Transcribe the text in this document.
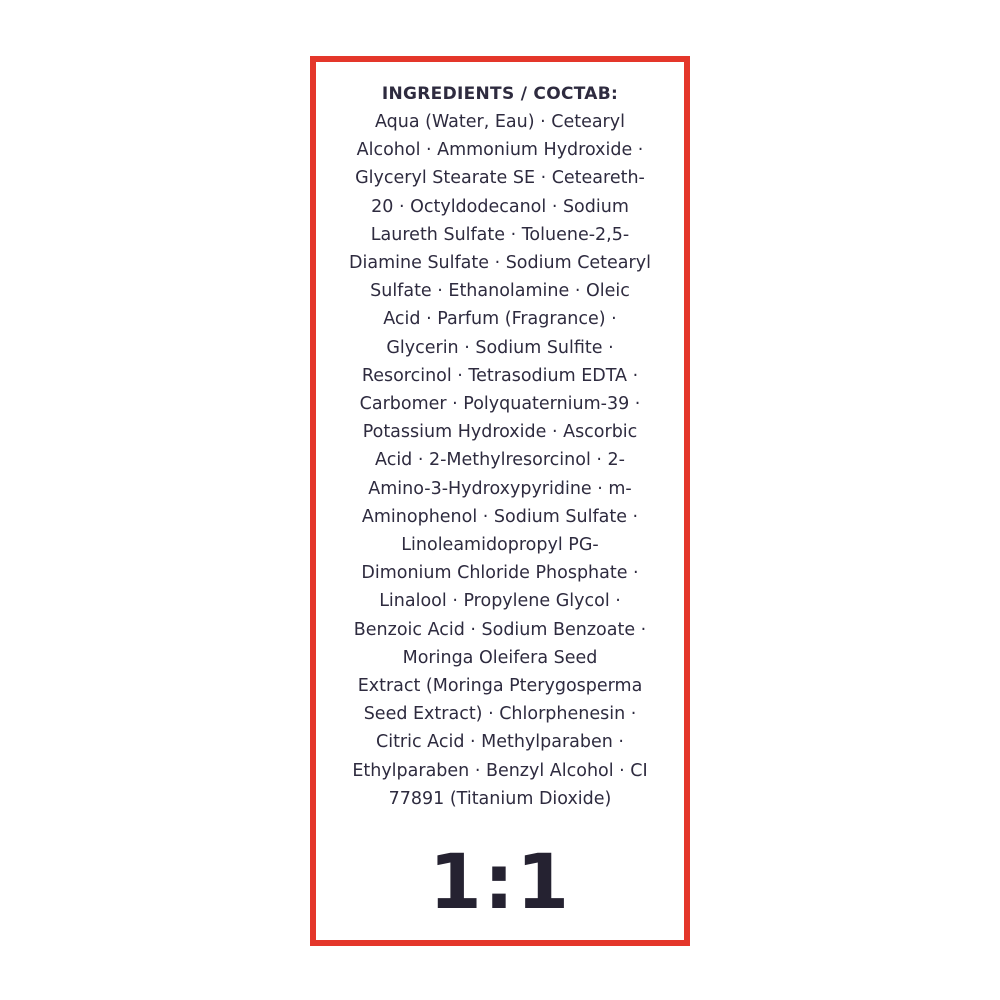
INGREDIENTS / COCTAB:

Aqua (Water, Eau) · Cetearyl
Alcohol · Ammonium Hydroxide ·
Glyceryl Stearate SE · Ceteareth-
20 · Octyldodecanol · Sodium
Laureth Sulfate · Toluene-2,5-
Diamine Sulfate · Sodium Cetearyl
Sulfate · Ethanolamine · Oleic
Acid · Parfum (Fragrance) ·
Glycerin · Sodium Sulfite ·
Resorcinol · Tetrasodium EDTA ·
Carbomer · Polyquaternium-39 ·
Potassium Hydroxide · Ascorbic
Acid · 2-Methylresorcinol · 2-
Amino-3-Hydroxypyridine · m-
Aminophenol · Sodium Sulfate ·
Linoleamidopropyl PG-
Dimonium Chloride Phosphate ·
Linalool · Propylene Glycol ·
Benzoic Acid · Sodium Benzoate ·
Moringa Oleifera Seed
Extract (Moringa Pterygosperma
Seed Extract) · Chlorphenesin ·
Citric Acid · Methylparaben ·
Ethylparaben · Benzyl Alcohol · CI
77891 (Titanium Dioxide)
1:1
